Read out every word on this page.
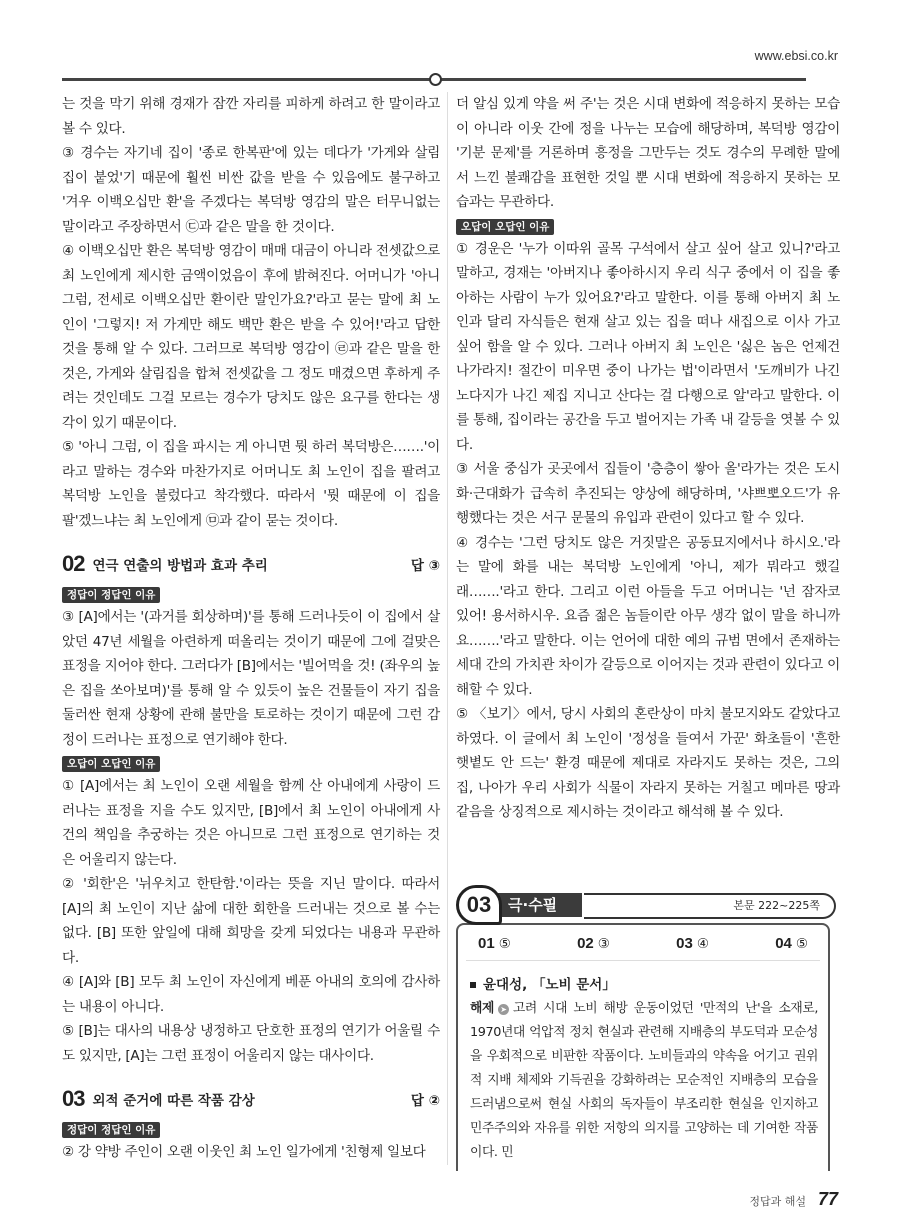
www.ebsi.co.kr

는 것을 막기 위해 경재가 잠깐 자리를 피하게 하려고 한 말이라고 볼 수 있다.

③ 경수는 자기네 집이 '종로 한복판'에 있는 데다가 '가게와 살림집이 붙었'기 때문에 훨씬 비싼 값을 받을 수 있음에도 불구하고 '겨우 이백오십만 환'을 주겠다는 복덕방 영감의 말은 터무니없는 말이라고 주장하면서 ㉢과 같은 말을 한 것이다.

④ 이백오십만 환은 복덕방 영감이 매매 대금이 아니라 전셋값으로 최 노인에게 제시한 금액이었음이 후에 밝혀진다. 어머니가 '아니 그럼, 전세로 이백오십만 환이란 말인가요?'라고 묻는 말에 최 노인이 '그렇지! 저 가게만 해도 백만 환은 받을 수 있어!'라고 답한 것을 통해 알 수 있다. 그러므로 복덕방 영감이 ㉣과 같은 말을 한 것은, 가게와 살림집을 합쳐 전셋값을 그 정도 매겼으면 후하게 주려는 것인데도 그걸 모르는 경수가 당치도 않은 요구를 한다는 생각이 있기 때문이다.

⑤ '아니 그럼, 이 집을 파시는 게 아니면 뭣 하러 복덕방은…….'이라고 말하는 경수와 마찬가지로 어머니도 최 노인이 집을 팔려고 복덕방 노인을 불렀다고 착각했다. 따라서 '뭣 때문에 이 집을 팔'겠느냐는 최 노인에게 ㉤과 같이 묻는 것이다.

02 연극 연출의 방법과 효과 추리	답 ③
정답이 정답인 이유

③ [A]에서는 '(과거를 회상하며)'를 통해 드러나듯이 이 집에서 살았던 47년 세월을 아련하게 떠올리는 것이기 때문에 그에 걸맞은 표정을 지어야 한다. 그러다가 [B]에서는 '빌어먹을 것! (좌우의 높은 집을 쏘아보며)'를 통해 알 수 있듯이 높은 건물들이 자기 집을 둘러싼 현재 상황에 관해 불만을 토로하는 것이기 때문에 그런 감정이 드러나는 표정으로 연기해야 한다.

오답이 오답인 이유

① [A]에서는 최 노인이 오랜 세월을 함께 산 아내에게 사랑이 드러나는 표정을 지을 수도 있지만, [B]에서 최 노인이 아내에게 사건의 책임을 추궁하는 것은 아니므로 그런 표정으로 연기하는 것은 어울리지 않는다.

② '회한'은 '뉘우치고 한탄함.'이라는 뜻을 지닌 말이다. 따라서 [A]의 최 노인이 지난 삶에 대한 회한을 드러내는 것으로 볼 수는 없다. [B] 또한 앞일에 대해 희망을 갖게 되었다는 내용과 무관하다.

④ [A]와 [B] 모두 최 노인이 자신에게 베푼 아내의 호의에 감사하는 내용이 아니다.

⑤ [B]는 대사의 내용상 냉정하고 단호한 표정의 연기가 어울릴 수도 있지만, [A]는 그런 표정이 어울리지 않는 대사이다.

03 외적 준거에 따른 작품 감상	답 ②
정답이 정답인 이유

② 강 약방 주인이 오랜 이웃인 최 노인 일가에게 '친형제 일보다

더 알심 있게 약을 써 주'는 것은 시대 변화에 적응하지 못하는 모습이 아니라 이웃 간에 정을 나누는 모습에 해당하며, 복덕방 영감이 '기분 문제'를 거론하며 흥정을 그만두는 것도 경수의 무례한 말에서 느낀 불쾌감을 표현한 것일 뿐 시대 변화에 적응하지 못하는 모습과는 무관하다.

오답이 오답인 이유

① 경운은 '누가 이따위 골목 구석에서 살고 싶어 살고 있니?'라고 말하고, 경재는 '아버지나 좋아하시지 우리 식구 중에서 이 집을 좋아하는 사람이 누가 있어요?'라고 말한다. 이를 통해 아버지 최 노인과 달리 자식들은 현재 살고 있는 집을 떠나 새집으로 이사 가고 싶어 함을 알 수 있다. 그러나 아버지 최 노인은 '싫은 놈은 언제건 나가라지! 절간이 미우면 중이 나가는 법'이라면서 '도깨비가 나긴 노다지가 나긴 제집 지니고 산다는 걸 다행으로 알'라고 말한다. 이를 통해, 집이라는 공간을 두고 벌어지는 가족 내 갈등을 엿볼 수 있다.

③ 서울 중심가 곳곳에서 집들이 '층층이 쌓아 올'라가는 것은 도시화·근대화가 급속히 추진되는 양상에 해당하며, '샤쁘뽀오드'가 유행했다는 것은 서구 문물의 유입과 관련이 있다고 할 수 있다.

④ 경수는 '그런 당치도 않은 거짓말은 공동묘지에서나 하시오.'라는 말에 화를 내는 복덕방 노인에게 '아니, 제가 뭐라고 했길래…….'라고 한다. 그리고 이런 아들을 두고 어머니는 '넌 잠자코 있어! 용서하시우. 요즘 젊은 놈들이란 아무 생각 없이 말을 하니까요…….'라고 말한다. 이는 언어에 대한 예의 규범 면에서 존재하는 세대 간의 가치관 차이가 갈등으로 이어지는 것과 관련이 있다고 이해할 수 있다.

⑤ 〈보기〉에서, 당시 사회의 혼란상이 마치 불모지와도 같았다고 하였다. 이 글에서 최 노인이 '정성을 들여서 가꾼' 화초들이 '흔한 햇볕도 안 드는' 환경 때문에 제대로 자라지도 못하는 것은, 그의 집, 나아가 우리 사회가 식물이 자라지 못하는 거칠고 메마른 땅과 같음을 상징적으로 제시하는 것이라고 해석해 볼 수 있다.

03	극·수필	본문 222~225쪽
01 ⑤	02 ③	03 ④	04 ⑤
윤대성, 「노비 문서」
해제 ➤ 고려 시대 노비 해방 운동이었던 '만적의 난'을 소재로, 1970년대 억압적 정치 현실과 관련해 지배층의 부도덕과 모순성을 우회적으로 비판한 작품이다. 노비들과의 약속을 어기고 권위적 지배 체제와 기득권을 강화하려는 모순적인 지배층의 모습을 드러냄으로써 현실 사회의 독자들이 부조리한 현실을 인지하고 민주주의와 자유를 위한 저항의 의지를 고양하는 데 기여한 작품이다. 민
정답과 해설 77
